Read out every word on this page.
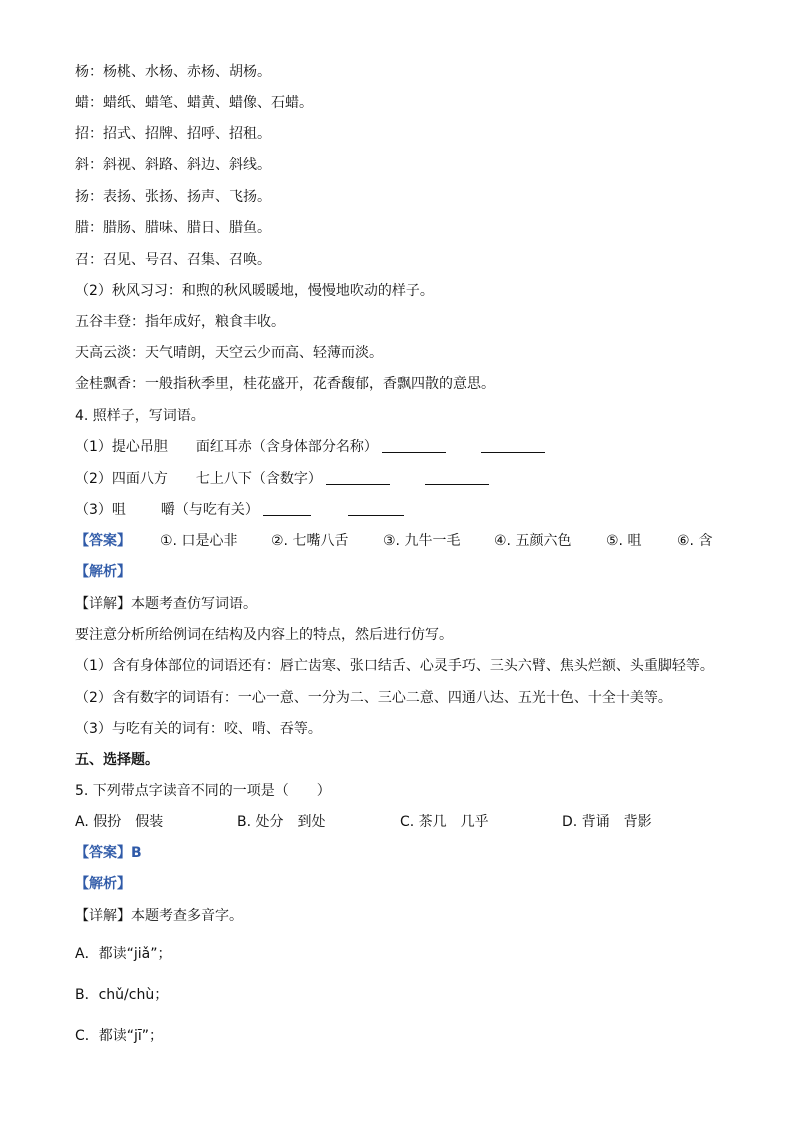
杨：杨桃、水杨、赤杨、胡杨。
蜡：蜡纸、蜡笔、蜡黄、蜡像、石蜡。
招：招式、招牌、招呼、招租。
斜：斜视、斜路、斜边、斜线。
扬：表扬、张扬、扬声、飞扬。
腊：腊肠、腊味、腊日、腊鱼。
召：召见、号召、召集、召唤。
（2）秋风习习：和煦的秋风暖暖地，慢慢地吹动的样子。
五谷丰登：指年成好，粮食丰收。
天高云淡：天气晴朗，天空云少而高、轻薄而淡。
金桂飘香：一般指秋季里，桂花盛开，花香馥郁，香飘四散的意思。
4. 照样子，写词语。
（1）提心吊胆　　面红耳赤（含身体部分名称）
（2）四面八方　　七上八下（含数字）
（3）咀 嚼（与吃有关）
【答案】 ①. 口是心非 ②. 七嘴八舌 ③. 九牛一毛 ④. 五颜六色 ⑤. 咀	⑥. 含
【解析】
【详解】本题考查仿写词语。
要注意分析所给例词在结构及内容上的特点，然后进行仿写。
（1）含有身体部位的词语还有：唇亡齿寒、张口结舌、心灵手巧、三头六臂、焦头烂额、头重脚轻等。
（2）含有数字的词语有：一心一意、一分为二、三心二意、四通八达、五光十色、十全十美等。
（3）与吃有关的词有：咬、啃、吞等。
五、选择题。
5. 下列带点字读音不同的一项是（　　）
A. 假扮　假装	B. 处分　到处	C. 茶几　几乎	D. 背诵　背影
【答案】B
【解析】
【详解】本题考查多音字。
A．都读“jiǎ”；
B．chǔ/chù；
C．都读“jī”；
